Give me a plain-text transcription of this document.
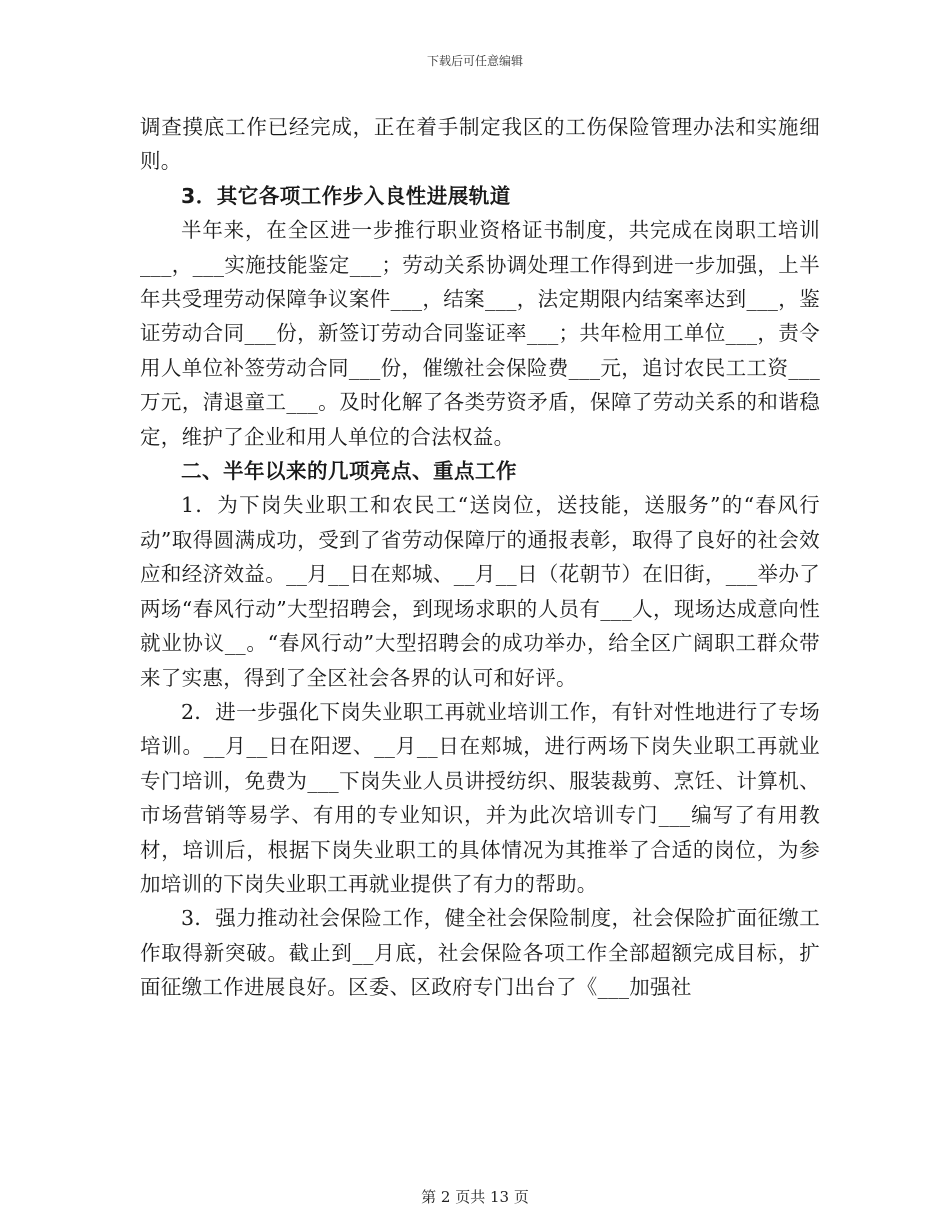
下载后可任意编辑

调查摸底工作已经完成，正在着手制定我区的工伤保险管理办法和实施细则。

3．其它各项工作步入良性进展轨道

半年来，在全区进一步推行职业资格证书制度，共完成在岗职工培训___，___实施技能鉴定___；劳动关系协调处理工作得到进一步加强，上半年共受理劳动保障争议案件___，结案___，法定期限内结案率达到___，鉴证劳动合同___份，新签订劳动合同鉴证率___；共年检用工单位___，责令用人单位补签劳动合同___份，催缴社会保险费___元，追讨农民工工资___万元，清退童工___。及时化解了各类劳资矛盾，保障了劳动关系的和谐稳定，维护了企业和用人单位的合法权益。

二、半年以来的几项亮点、重点工作

1．为下岗失业职工和农民工“送岗位，送技能，送服务”的“春风行动”取得圆满成功，受到了省劳动保障厅的通报表彰，取得了良好的社会效应和经济效益。__月__日在郏城、__月__日（花朝节）在旧街，___举办了两场“春风行动”大型招聘会，到现场求职的人员有___人，现场达成意向性就业协议__。“春风行动”大型招聘会的成功举办，给全区广阔职工群众带来了实惠，得到了全区社会各界的认可和好评。

2．进一步强化下岗失业职工再就业培训工作，有针对性地进行了专场培训。__月__日在阳逻、__月__日在郏城，进行两场下岗失业职工再就业专门培训，免费为___下岗失业人员讲授纺织、服装裁剪、烹饪、计算机、市场营销等易学、有用的专业知识，并为此次培训专门___编写了有用教材，培训后，根据下岗失业职工的具体情况为其推举了合适的岗位，为参加培训的下岗失业职工再就业提供了有力的帮助。

3．强力推动社会保险工作，健全社会保险制度，社会保险扩面征缴工作取得新突破。截止到__月底，社会保险各项工作全部超额完成目标，扩面征缴工作进展良好。区委、区政府专门出台了《___加强社

第 2 页共 13 页
